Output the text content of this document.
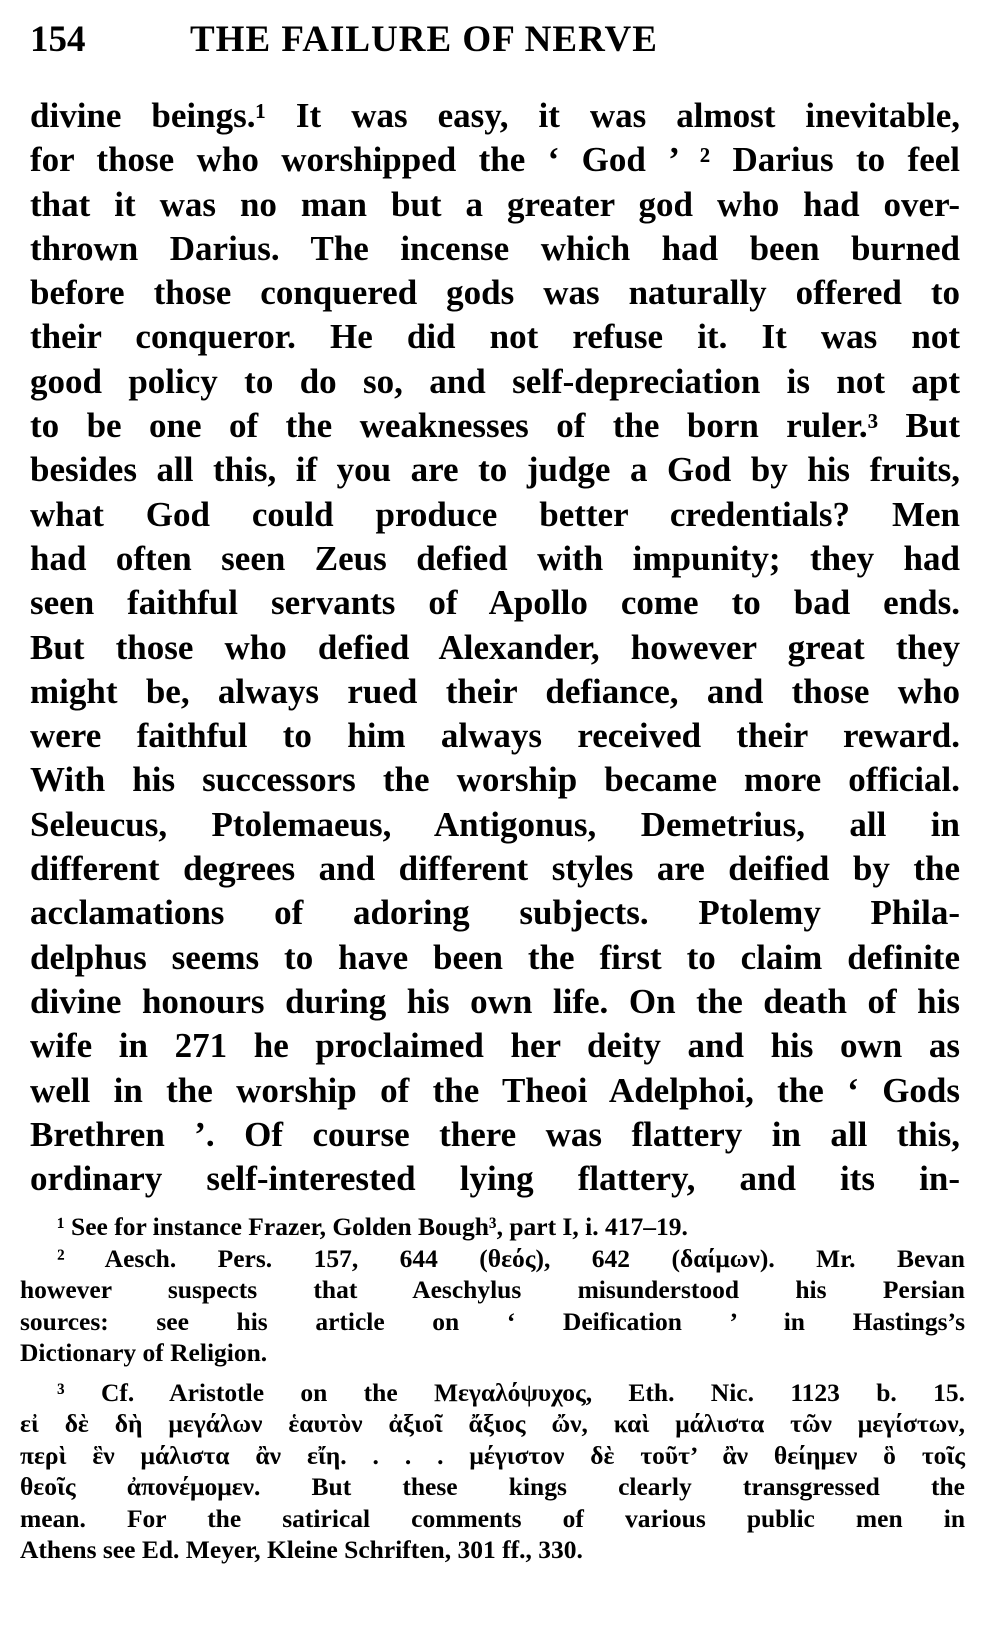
154	THE FAILURE OF NERVE
divine beings.¹ It was easy, it was almost inevitable,
for those who worshipped the ‘ God ’ ² Darius to feel
that it was no man but a greater god who had over-
thrown Darius. The incense which had been burned
before those conquered gods was naturally offered to
their conqueror. He did not refuse it. It was not
good policy to do so, and self-depreciation is not apt
to be one of the weaknesses of the born ruler.³ But
besides all this, if you are to judge a God by his fruits,
what God could produce better credentials? Men
had often seen Zeus defied with impunity; they had
seen faithful servants of Apollo come to bad ends.
But those who defied Alexander, however great they
might be, always rued their defiance, and those who
were faithful to him always received their reward.
With his successors the worship became more official.
Seleucus, Ptolemaeus, Antigonus, Demetrius, all in
different degrees and different styles are deified by the
acclamations of adoring subjects. Ptolemy Phila-
delphus seems to have been the first to claim definite
divine honours during his own life. On the death of his
wife in 271 he proclaimed her deity and his own as
well in the worship of the Theoi Adelphoi, the ‘ Gods
Brethren ’. Of course there was flattery in all this,
ordinary self-interested lying flattery, and its in-
¹ See for instance Frazer, Golden Bough³, part I, i. 417–19.
² Aesch. Pers. 157, 644 (θεός), 642 (δαίμων). Mr. Bevan
however suspects that Aeschylus misunderstood his Persian
sources: see his article on ‘ Deification ’ in Hastings’s
Dictionary of Religion.
³ Cf. Aristotle on the Μεγαλόψυχος, Eth. Nic. 1123 b. 15.
εἰ δὲ δὴ μεγάλων ἑαυτὸν ἀξιοῖ ἄξιος ὤν, καὶ μάλιστα τῶν μεγίστων,
περὶ ἓν μάλιστα ἂν εἴη. . . . μέγιστον δὲ τοῦτ’ ἂν θείημεν ὃ τοῖς
θεοῖς ἀπονέμομεν. But these kings clearly transgressed the
mean. For the satirical comments of various public men in
Athens see Ed. Meyer, Kleine Schriften, 301 ff., 330.
